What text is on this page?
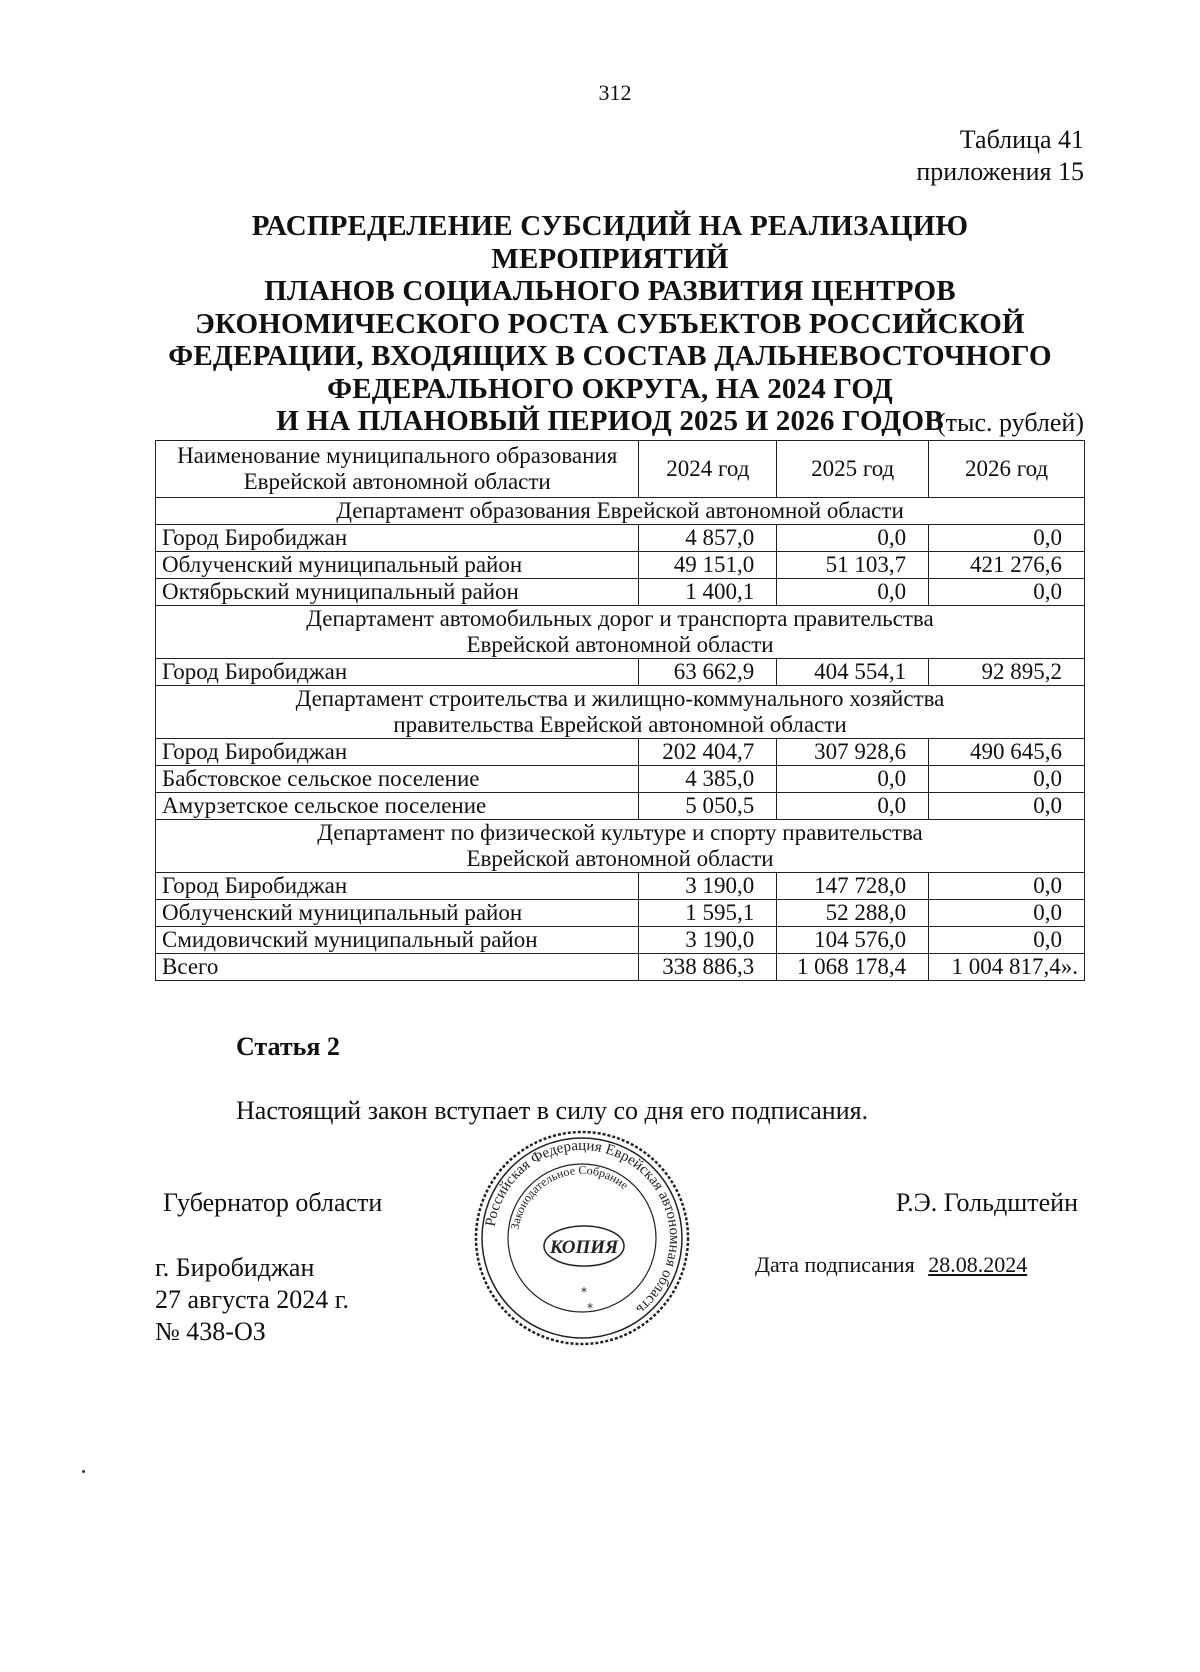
312
Таблица 41
приложения 15
РАСПРЕДЕЛЕНИЕ СУБСИДИЙ НА РЕАЛИЗАЦИЮ МЕРОПРИЯТИЙ
ПЛАНОВ СОЦИАЛЬНОГО РАЗВИТИЯ ЦЕНТРОВ
ЭКОНОМИЧЕСКОГО РОСТА СУБЪЕКТОВ РОССИЙСКОЙ
ФЕДЕРАЦИИ, ВХОДЯЩИХ В СОСТАВ ДАЛЬНЕВОСТОЧНОГО
ФЕДЕРАЛЬНОГО ОКРУГА, НА 2024 ГОД
И НА ПЛАНОВЫЙ ПЕРИОД 2025 И 2026 ГОДОВ
(тыс. рублей)
Наименование муниципального образования
Еврейской автономной области	2024 год	2025 год	2026 год

Департамент образования Еврейской автономной области			

Город Биробиджан	4 857,0	0,0	0,0
Облученский муниципальный район	49 151,0	51 103,7	421 276,6
Октябрьский муниципальный район	1 400,1	0,0	0,0

Департамент автомобильных дорог и транспорта правительства
Еврейской автономной области			

Город Биробиджан	63 662,9	404 554,1	92 895,2

Департамент строительства и жилищно-коммунального хозяйства
правительства Еврейской автономной области			

Город Биробиджан	202 404,7	307 928,6	490 645,6
Бабстовское сельское поселение	4 385,0	0,0	0,0
Амурзетское сельское поселение	5 050,5	0,0	0,0

Департамент по физической культуре и спорту правительства
Еврейской автономной области			

Город Биробиджан	3 190,0	147 728,0	0,0
Облученский муниципальный район	1 595,1	52 288,0	0,0
Смидовичский муниципальный район	3 190,0	104 576,0	0,0
Всего	338 886,3	1 068 178,4	1 004 817,4».
Статья 2
Настоящий закон вступает в силу со дня его подписания.
Губернатор области	Р.Э. Гольдштейн
г. Биробиджан
27 августа 2024 г.
№ 438-ОЗ
Дата подписания 28.08.2024
Российская Федерация Еврейская автономная область
Законодательное Собрание
КОПИЯ
*
*
